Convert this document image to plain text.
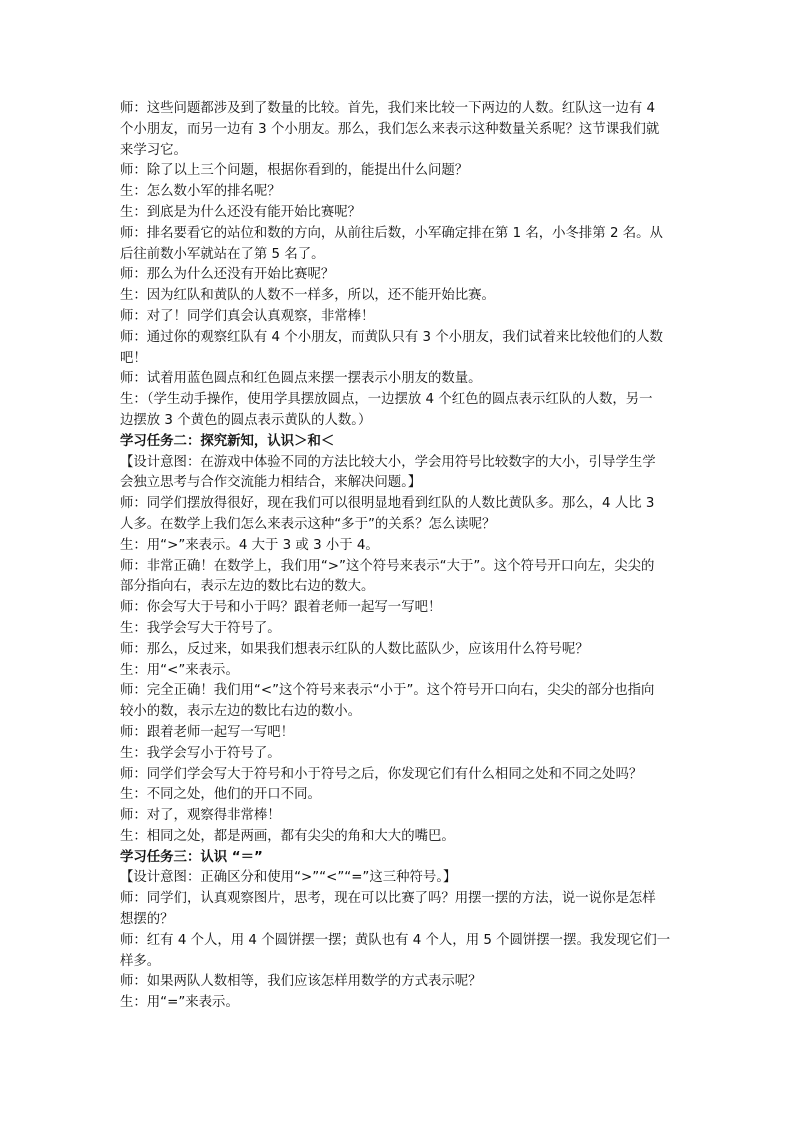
师：这些问题都涉及到了数量的比较。首先，我们来比较一下两边的人数。红队这一边有 4

个小朋友，而另一边有 3 个小朋友。那么，我们怎么来表示这种数量关系呢？这节课我们就

来学习它。

师：除了以上三个问题，根据你看到的，能提出什么问题？

生：怎么数小军的排名呢？

生：到底是为什么还没有能开始比赛呢？

师：排名要看它的站位和数的方向，从前往后数，小军确定排在第 1 名，小冬排第 2 名。从

后往前数小军就站在了第 5 名了。

师：那么为什么还没有开始比赛呢？

生：因为红队和黄队的人数不一样多，所以，还不能开始比赛。

师：对了！同学们真会认真观察，非常棒！

师：通过你的观察红队有 4 个小朋友，而黄队只有 3 个小朋友，我们试着来比较他们的人数

吧！

师：试着用蓝色圆点和红色圆点来摆一摆表示小朋友的数量。

生：（学生动手操作，使用学具摆放圆点，一边摆放 4 个红色的圆点表示红队的人数，另一

边摆放 3 个黄色的圆点表示黄队的人数。）

学习任务二：探究新知，认识＞和＜

【设计意图：在游戏中体验不同的方法比较大小，学会用符号比较数字的大小，引导学生学

会独立思考与合作交流能力相结合，来解决问题。】

师：同学们摆放得很好，现在我们可以很明显地看到红队的人数比黄队多。那么，4 人比 3

人多。在数学上我们怎么来表示这种“多于”的关系？怎么读呢？

生：用“>”来表示。4 大于 3 或 3 小于 4。

师：非常正确！在数学上，我们用“>”这个符号来表示“大于”。这个符号开口向左，尖尖的

部分指向右，表示左边的数比右边的数大。

师：你会写大于号和小于吗？跟着老师一起写一写吧！

生：我学会写大于符号了。

师：那么，反过来，如果我们想表示红队的人数比蓝队少，应该用什么符号呢？

生：用“<”来表示。

师：完全正确！我们用“<”这个符号来表示“小于”。这个符号开口向右，尖尖的部分也指向

较小的数，表示左边的数比右边的数小。

师：跟着老师一起写一写吧！

生：我学会写小于符号了。

师：同学们学会写大于符号和小于符号之后，你发现它们有什么相同之处和不同之处吗？

生：不同之处，他们的开口不同。

师：对了，观察得非常棒！

生：相同之处，都是两画，都有尖尖的角和大大的嘴巴。

学习任务三：认识 “＝”

【设计意图：正确区分和使用“>”“<”“=”这三种符号。】

师：同学们，认真观察图片，思考，现在可以比赛了吗？用摆一摆的方法，说一说你是怎样

想摆的？

师：红有 4 个人，用 4 个圆饼摆一摆；黄队也有 4 个人，用 5 个圆饼摆一摆。我发现它们一

样多。

师：如果两队人数相等，我们应该怎样用数学的方式表示呢？

生：用“=”来表示。
